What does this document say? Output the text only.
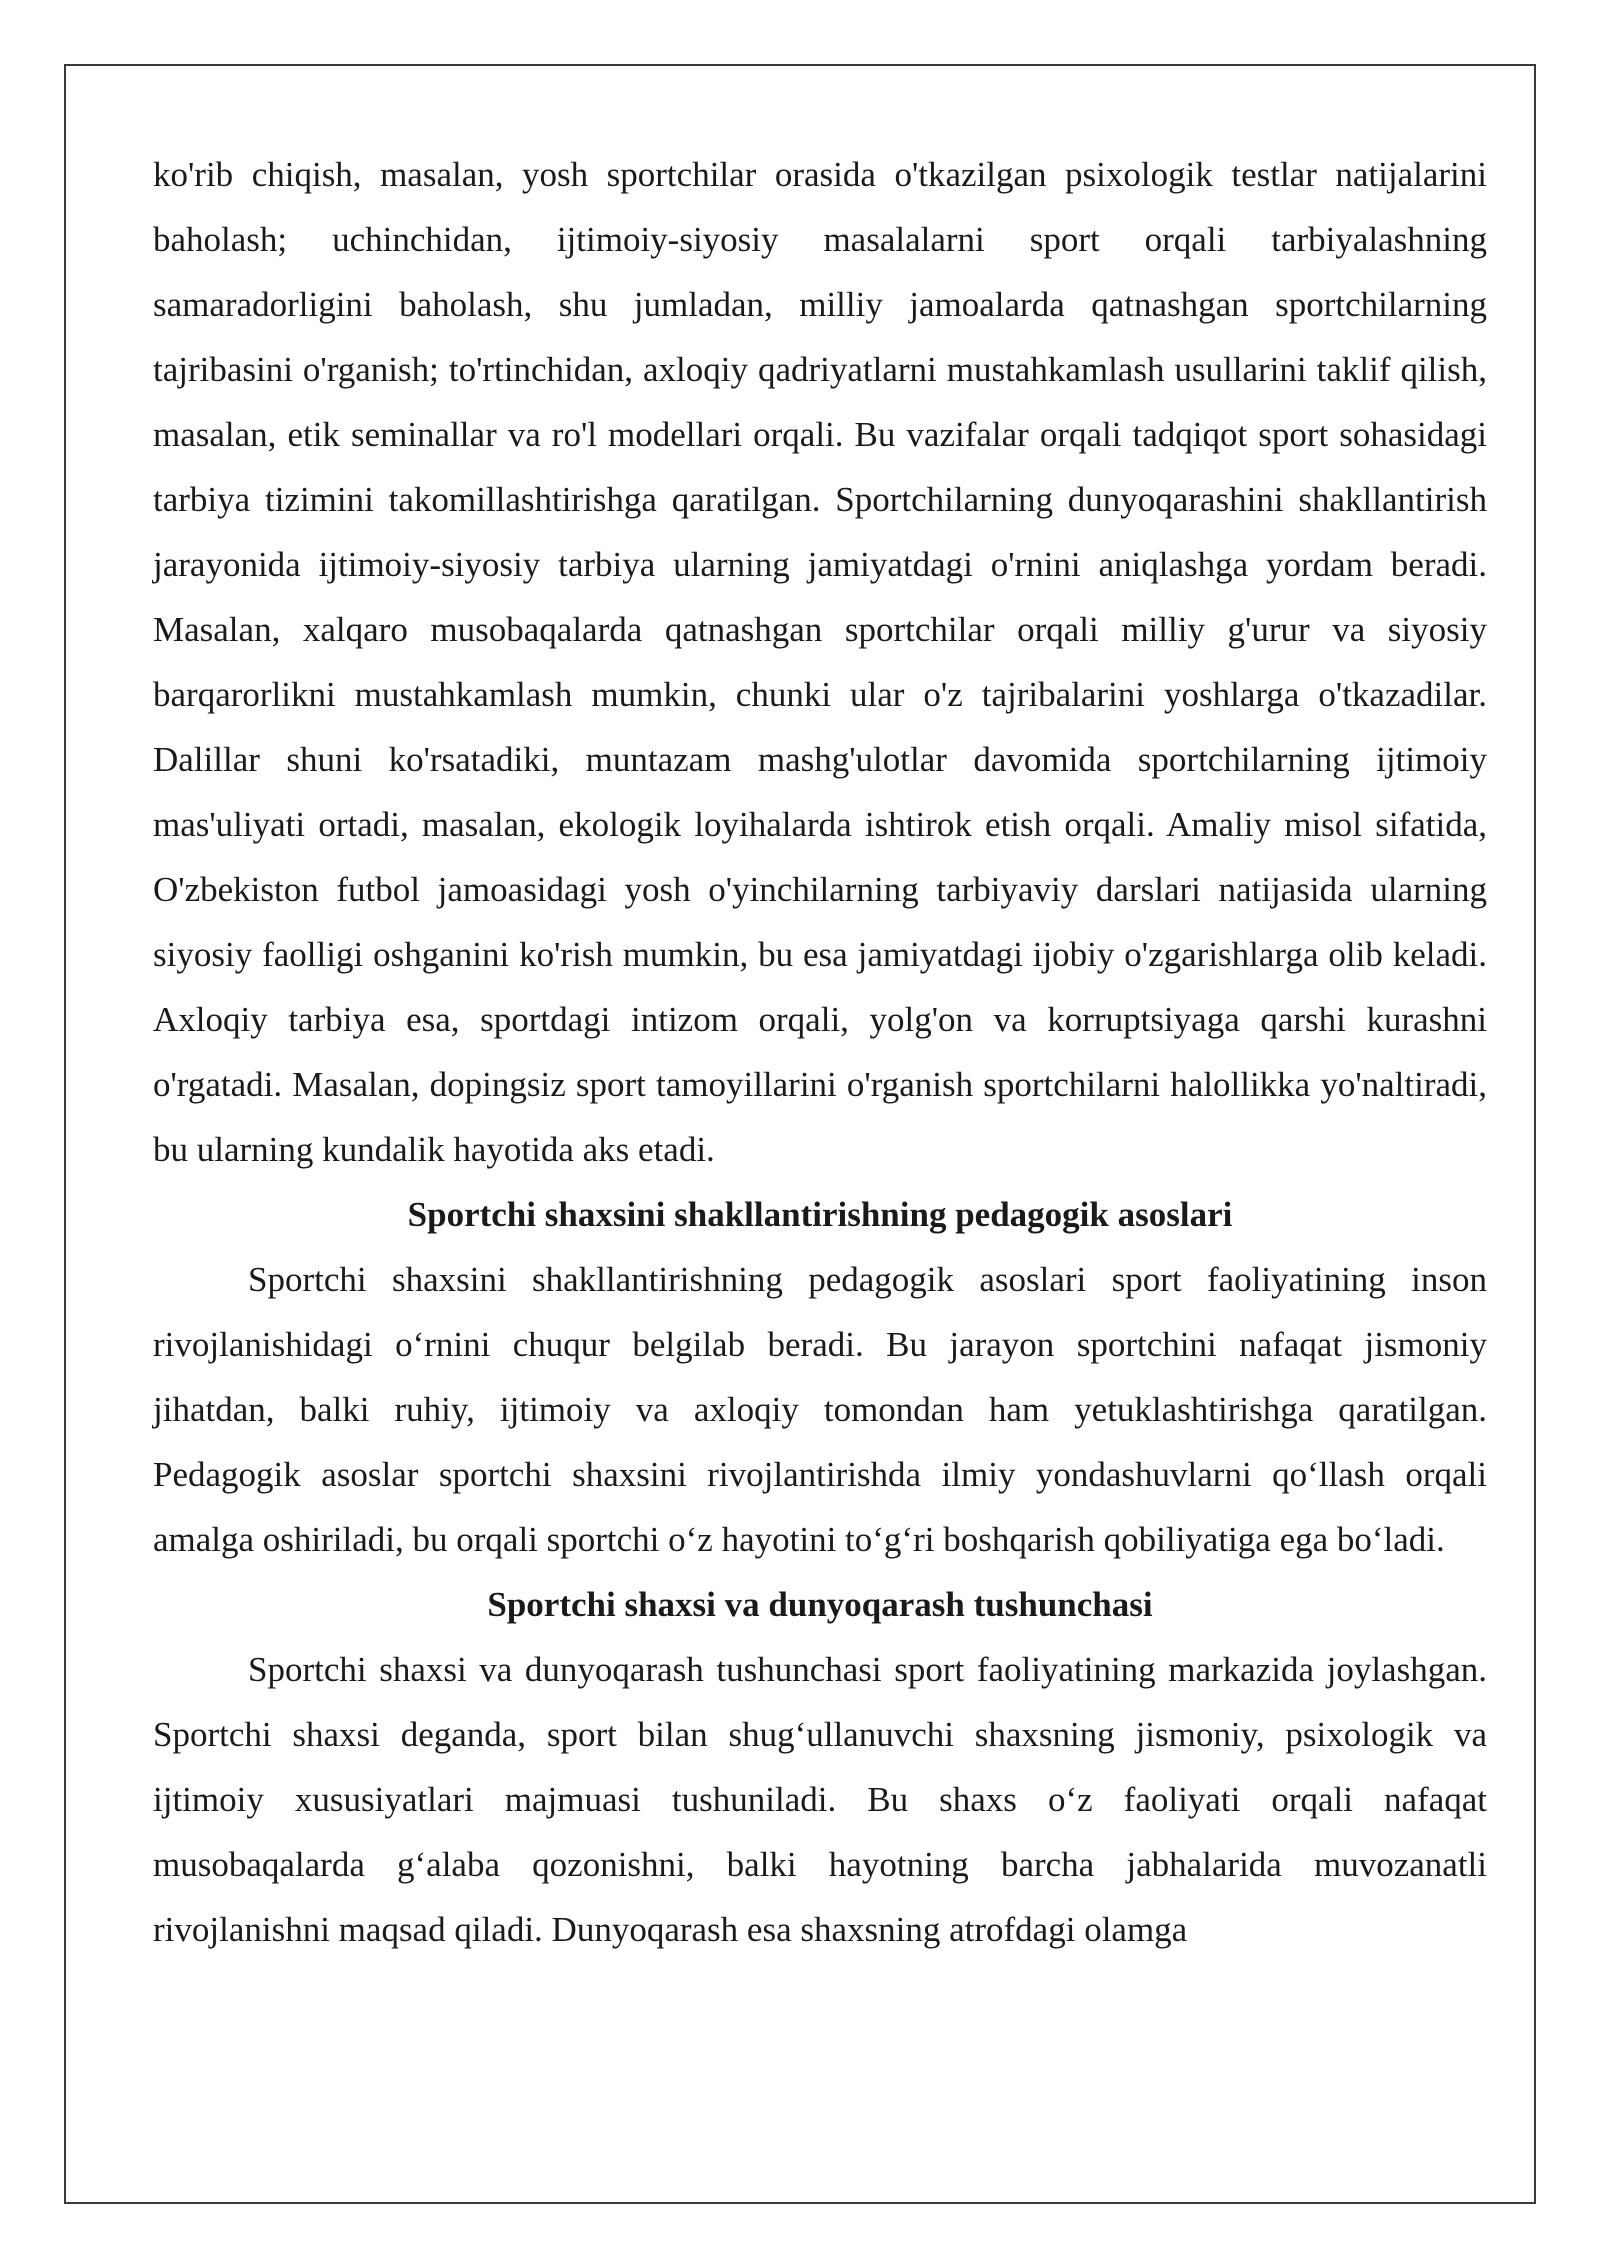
ko'rib chiqish, masalan, yosh sportchilar orasida o'tkazilgan psixologik testlar natijalarini baholash; uchinchidan, ijtimoiy-siyosiy masalalarni sport orqali tarbiyalashning samaradorligini baholash, shu jumladan, milliy jamoalarda qatnashgan sportchilarning tajribasini o'rganish; to'rtinchidan, axloqiy qadriyatlarni mustahkamlash usullarini taklif qilish, masalan, etik seminallar va ro'l modellari orqali. Bu vazifalar orqali tadqiqot sport sohasidagi tarbiya tizimini takomillashtirishga qaratilgan. Sportchilarning dunyoqarashini shakllantirish jarayonida ijtimoiy-siyosiy tarbiya ularning jamiyatdagi o'rnini aniqlashga yordam beradi. Masalan, xalqaro musobaqalarda qatnashgan sportchilar orqali milliy g'urur va siyosiy barqarorlikni mustahkamlash mumkin, chunki ular o'z tajribalarini yoshlarga o'tkazadilar. Dalillar shuni ko'rsatadiki, muntazam mashg'ulotlar davomida sportchilarning ijtimoiy mas'uliyati ortadi, masalan, ekologik loyihalarda ishtirok etish orqali. Amaliy misol sifatida, O'zbekiston futbol jamoasidagi yosh o'yinchilarning tarbiyaviy darslari natijasida ularning siyosiy faolligi oshganini ko'rish mumkin, bu esa jamiyatdagi ijobiy o'zgarishlarga olib keladi. Axloqiy tarbiya esa, sportdagi intizom orqali, yolg'on va korruptsiyaga qarshi kurashni o'rgatadi. Masalan, dopingsiz sport tamoyillarini o'rganish sportchilarni halollikka yo'naltiradi, bu ularning kundalik hayotida aks etadi.

Sportchi shaxsini shakllantirishning pedagogik asoslari

Sportchi shaxsini shakllantirishning pedagogik asoslari sport faoliyatining inson rivojlanishidagi o‘rnini chuqur belgilab beradi. Bu jarayon sportchini nafaqat jismoniy jihatdan, balki ruhiy, ijtimoiy va axloqiy tomondan ham yetuklashtirishga qaratilgan. Pedagogik asoslar sportchi shaxsini rivojlantirishda ilmiy yondashuvlarni qo‘llash orqali amalga oshiriladi, bu orqali sportchi o‘z hayotini to‘g‘ri boshqarish qobiliyatiga ega bo‘ladi.

Sportchi shaxsi va dunyoqarash tushunchasi

Sportchi shaxsi va dunyoqarash tushunchasi sport faoliyatining markazida joylashgan. Sportchi shaxsi deganda, sport bilan shug‘ullanuvchi shaxsning jismoniy, psixologik va ijtimoiy xususiyatlari majmuasi tushuniladi. Bu shaxs o‘z faoliyati orqali nafaqat musobaqalarda g‘alaba qozonishni, balki hayotning barcha jabhalarida muvozanatli rivojlanishni maqsad qiladi. Dunyoqarash esa shaxsning atrofdagi olamga
